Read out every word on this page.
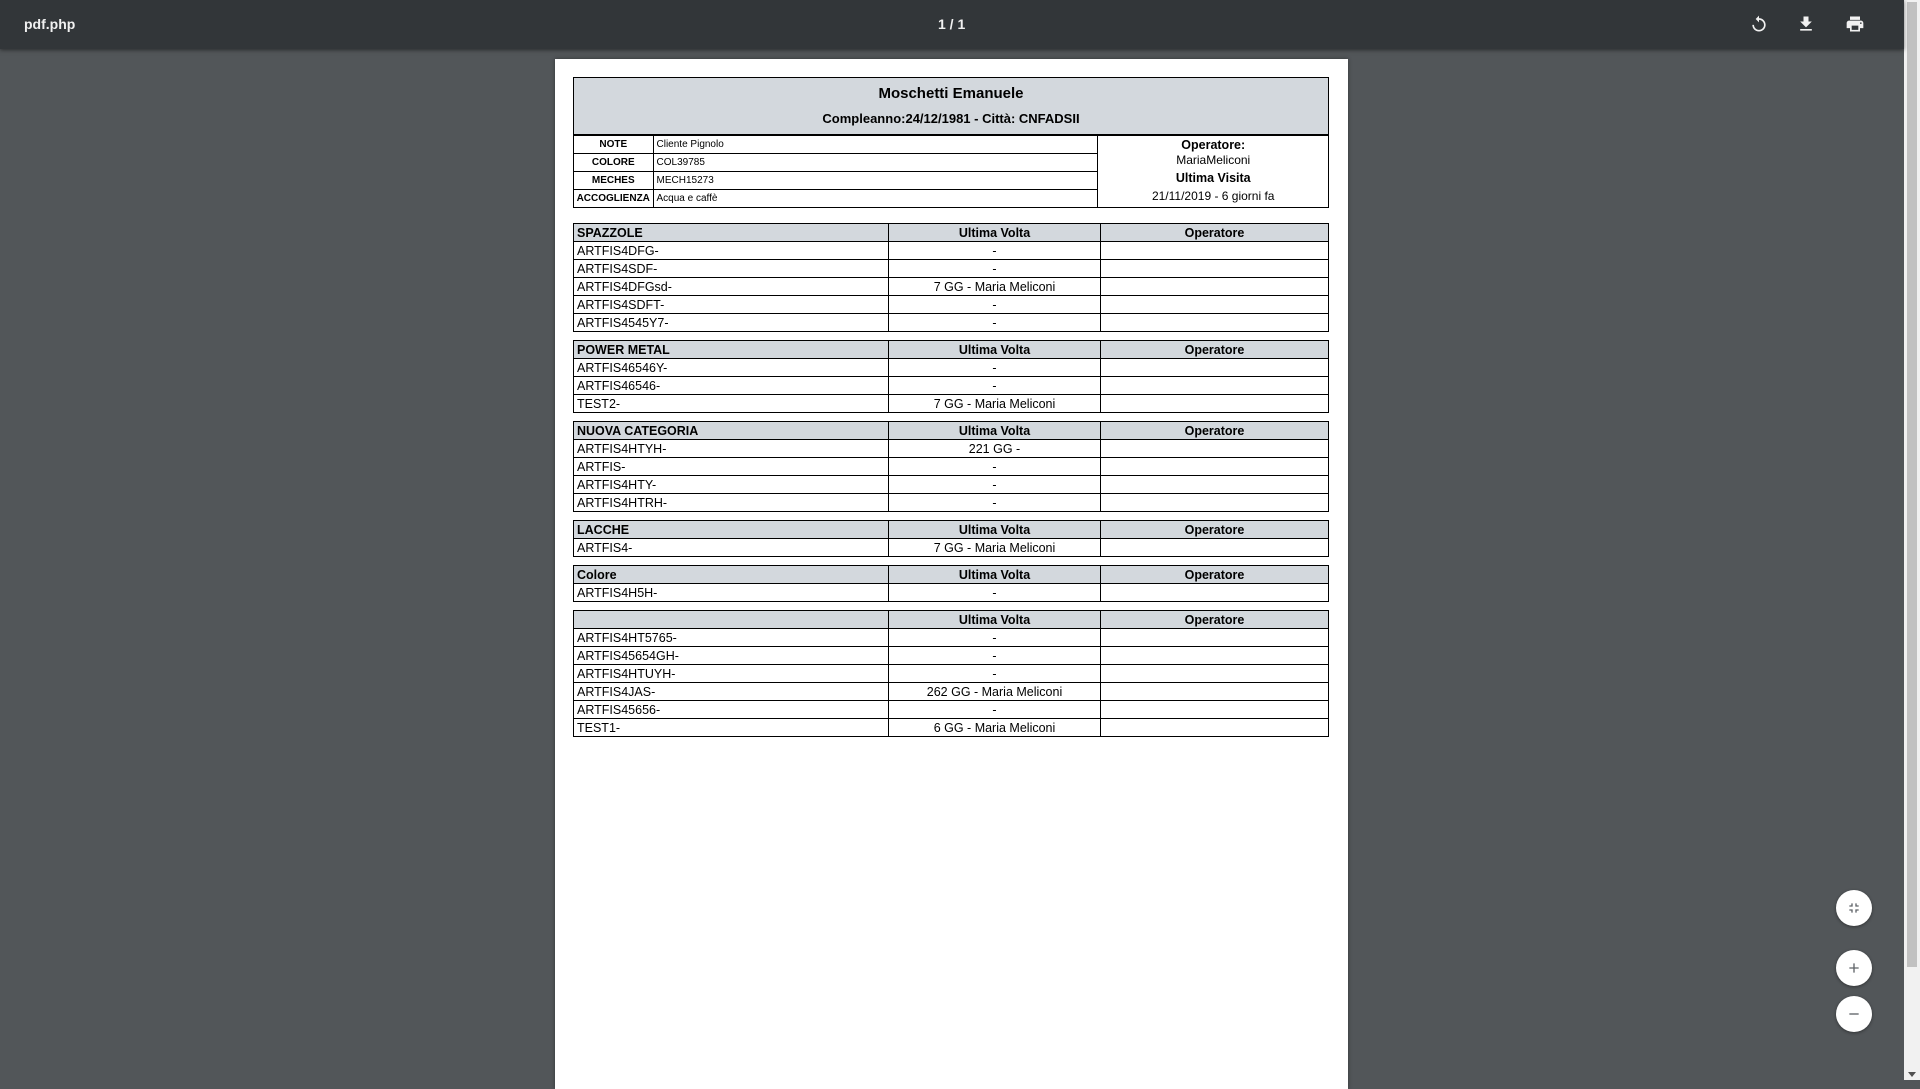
pdf.php	1 / 1
Moschetti Emanuele
Compleanno:24/12/1981 - Città: CNFADSII
NOTE	Cliente Pignolo	Operatore:
MariaMeliconi
Ultima Visita
21/11/2019 - 6 giorni fa

COLORE	COL39785	
MECHES	MECH15273	
ACCOGLIENZA	Acqua e caffè	
SPAZZOLE	Ultima Volta	Operatore
ARTFIS4DFG-	-	
ARTFIS4SDF-	-	
ARTFIS4DFGsd-	7 GG - Maria Meliconi	
ARTFIS4SDFT-	-	
ARTFIS4545Y7-	-	
POWER METAL	Ultima Volta	Operatore
ARTFIS46546Y-	-	
ARTFIS46546-	-	
TEST2-	7 GG - Maria Meliconi	
NUOVA CATEGORIA	Ultima Volta	Operatore
ARTFIS4HTYH-	221 GG -	
ARTFIS-	-	
ARTFIS4HTY-	-	
ARTFIS4HTRH-	-	
LACCHE	Ultima Volta	Operatore
ARTFIS4-	7 GG - Maria Meliconi	
Colore	Ultima Volta	Operatore
ARTFIS4H5H-	-	
	Ultima Volta	Operatore
ARTFIS4HT5765-	-	
ARTFIS45654GH-	-	
ARTFIS4HTUYH-	-	
ARTFIS4JAS-	262 GG - Maria Meliconi	
ARTFIS45656-	-	
TEST1-	6 GG - Maria Meliconi	
